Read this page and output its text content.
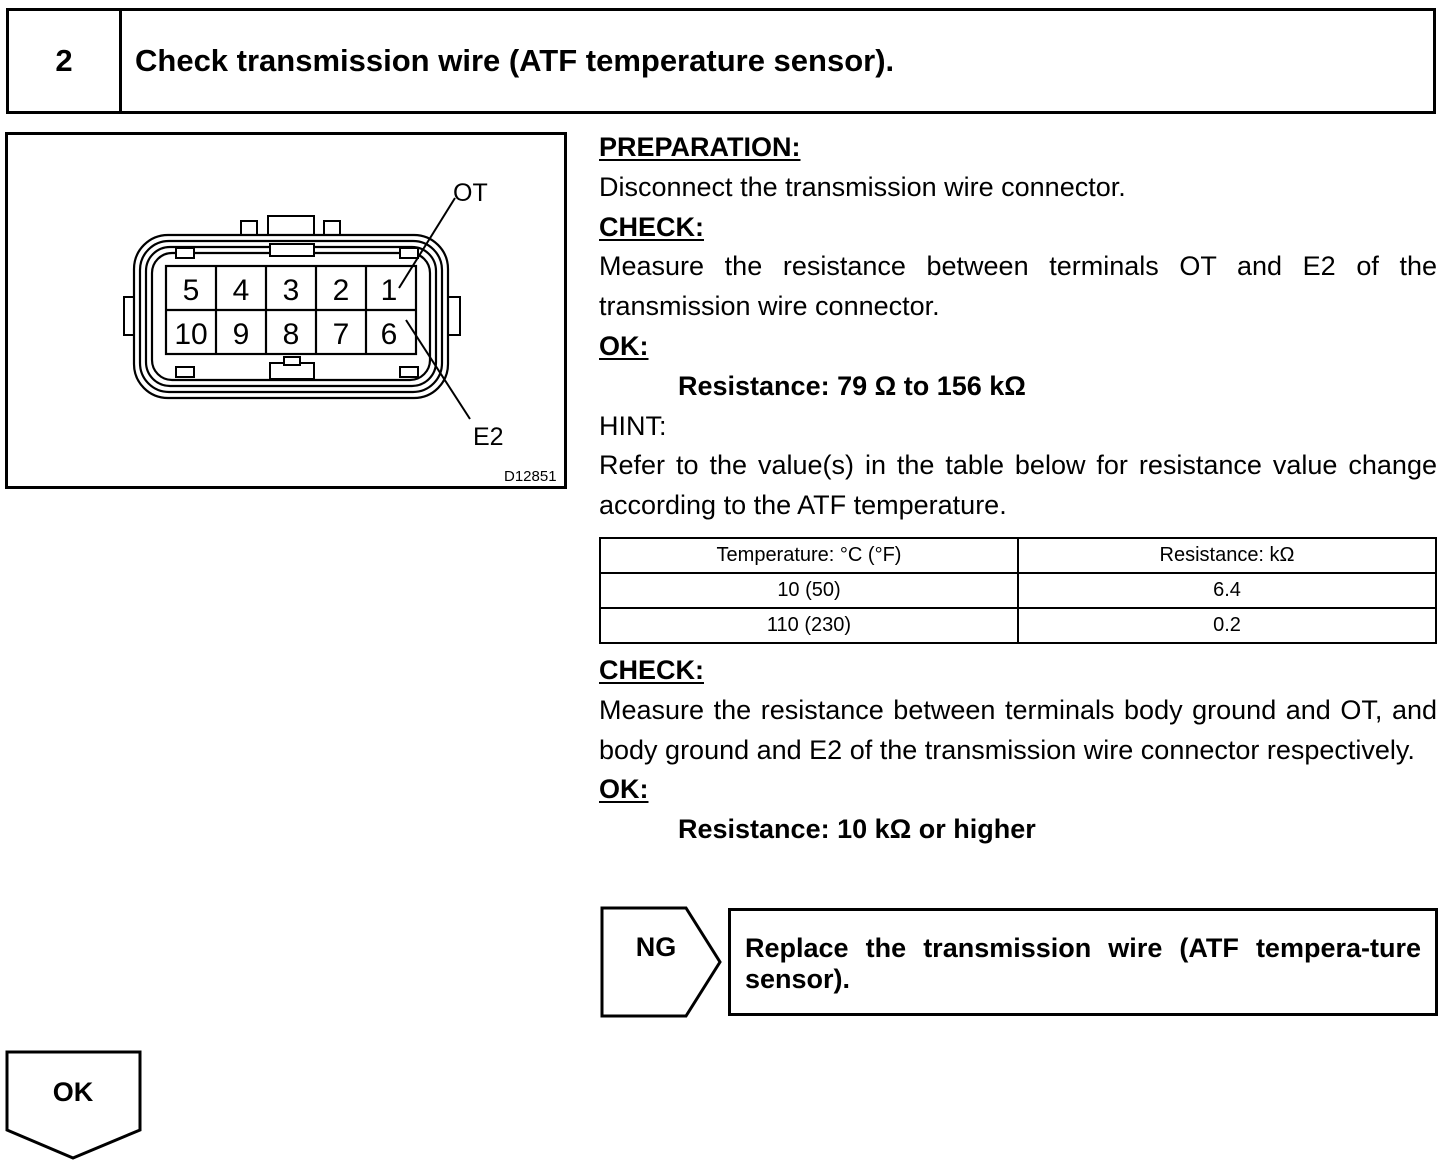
2	Check transmission wire (ATF temperature sensor).
5 4 3 2 1
10 9 8 7 6
OT
E2
D12851

PREPARATION:

Disconnect the transmission wire connector.

CHECK:

Measure the resistance between terminals OT and E2 of the transmission wire connector.

OK:

Resistance: 79 Ω to 156 kΩ

HINT:

Refer to the value(s) in the table below for resistance value change according to the ATF temperature.

Temperature: °C (°F)	Resistance: kΩ
10 (50)	6.4
110 (230)	0.2

CHECK:

Measure the resistance between terminals body ground and OT, and body ground and E2 of the transmission wire connector respectively.

OK:

Resistance: 10 kΩ or higher

NG	Replace the transmission wire (ATF tempera-ture sensor).
OK
